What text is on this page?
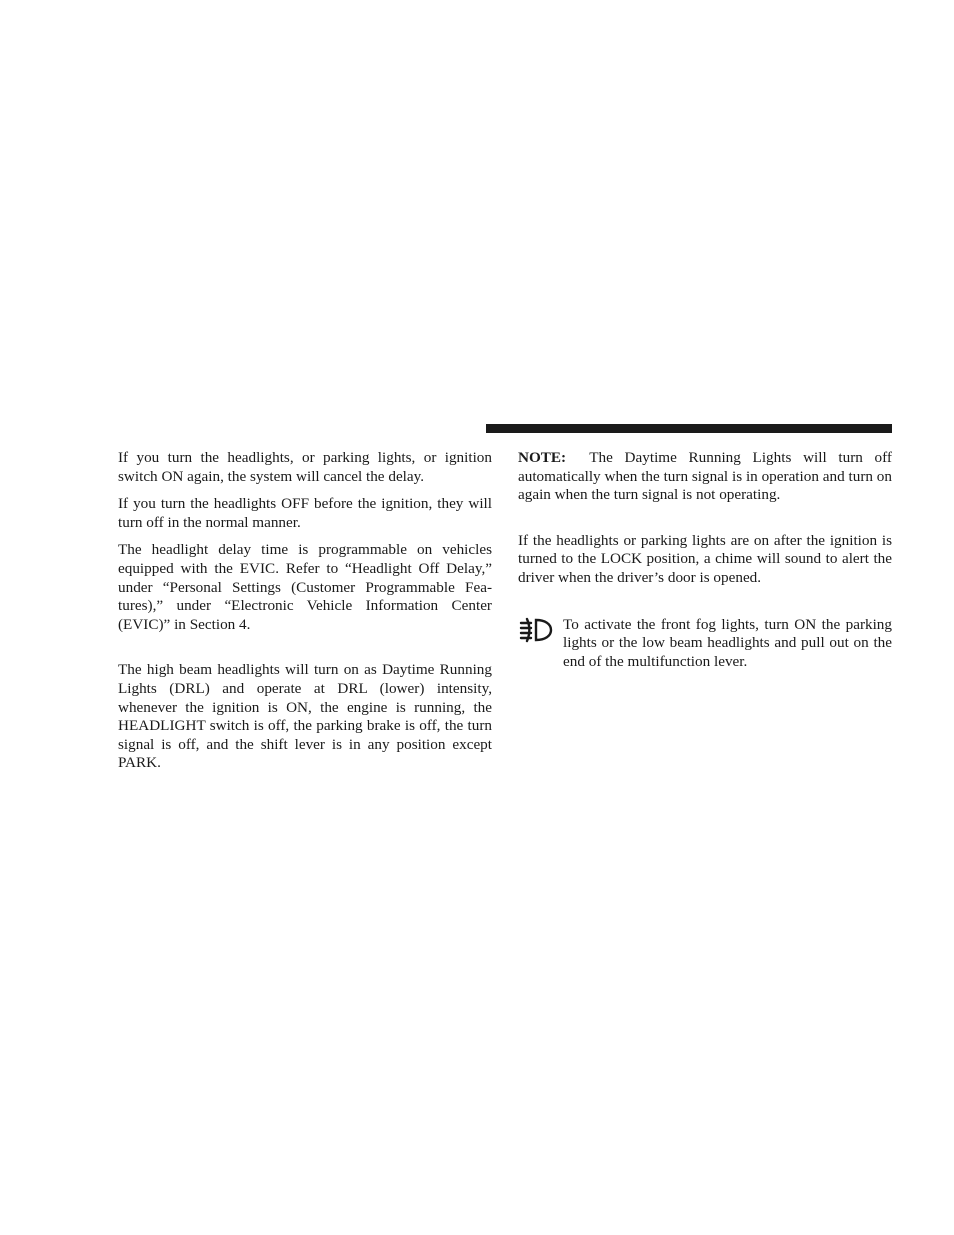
If you turn the headlights, or parking lights, or ignition switch ON again, the system will cancel the delay.

If you turn the headlights OFF before the ignition, they will turn off in the normal manner.

The headlight delay time is programmable on vehicles equipped with the EVIC. Refer to “Headlight Off Delay,” under “Personal Settings (Customer Programmable Features),” under “Electronic Vehicle Information Center (EVIC)” in Section 4.

The high beam headlights will turn on as Daytime Running Lights (DRL) and operate at DRL (lower) intensity, whenever the ignition is ON, the engine is running, the HEADLIGHT switch is off, the parking brake is off, the turn signal is off, and the shift lever is in any position except PARK.

NOTE: The Daytime Running Lights will turn off automatically when the turn signal is in operation and turn on again when the turn signal is not operating.

If the headlights or parking lights are on after the ignition is turned to the LOCK position, a chime will sound to alert the driver when the driver’s door is opened.

To activate the front fog lights, turn ON the parking lights or the low beam headlights and pull out on the end of the multifunction lever.
